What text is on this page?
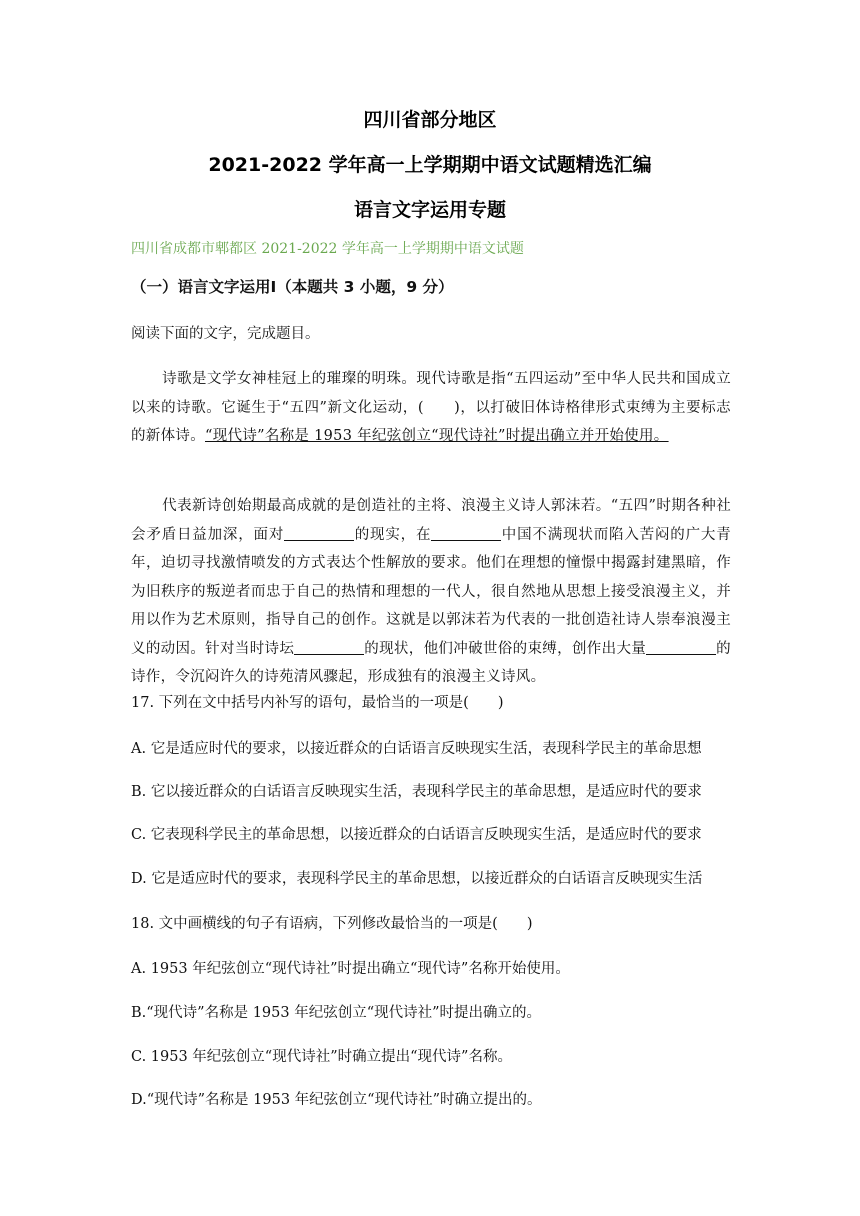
四川省部分地区
2021-2022 学年高一上学期期中语文试题精选汇编
语言文字运用专题
四川省成都市郫都区 2021-2022 学年高一上学期期中语文试题
（一）语言文字运用Ⅰ（本题共 3 小题，9 分）
阅读下面的文字，完成题目。
诗歌是文学女神桂冠上的璀璨的明珠。现代诗歌是指“五四运动”至中华人民共和国成立以来的诗歌。它诞生于“五四”新文化运动，(　　)，以打破旧体诗格律形式束缚为主要标志的新体诗。“现代诗”名称是 1953 年纪弦创立“现代诗社”时提出确立并开始使用。
代表新诗创始期最高成就的是创造社的主将、浪漫主义诗人郭沫若。“五四”时期各种社会矛盾日益加深，面对	的现实，在	中国不满现状而陷入苦闷的广大青年，迫切寻找激情喷发的方式表达个性解放的要求。他们在理想的憧憬中揭露封建黑暗，作为旧秩序的叛逆者而忠于自己的热情和理想的一代人，很自然地从思想上接受浪漫主义，并用以作为艺术原则，指导自己的创作。这就是以郭沫若为代表的一批创造社诗人崇奉浪漫主义的动因。针对当时诗坛	的现状，他们冲破世俗的束缚，创作出大量	的诗作，令沉闷许久的诗苑清风骤起，形成独有的浪漫主义诗风。
17. 下列在文中括号内补写的语句，最恰当的一项是(　　)
A. 它是适应时代的要求，以接近群众的白话语言反映现实生活，表现科学民主的革命思想
B. 它以接近群众的白话语言反映现实生活，表现科学民主的革命思想，是适应时代的要求
C. 它表现科学民主的革命思想，以接近群众的白话语言反映现实生活，是适应时代的要求
D. 它是适应时代的要求，表现科学民主的革命思想，以接近群众的白话语言反映现实生活
18. 文中画横线的句子有语病，下列修改最恰当的一项是(　　)
A. 1953 年纪弦创立“现代诗社”时提出确立“现代诗”名称开始使用。
B.“现代诗”名称是 1953 年纪弦创立“现代诗社”时提出确立的。
C. 1953 年纪弦创立“现代诗社”时确立提出“现代诗”名称。
D.“现代诗”名称是 1953 年纪弦创立“现代诗社”时确立提出的。
